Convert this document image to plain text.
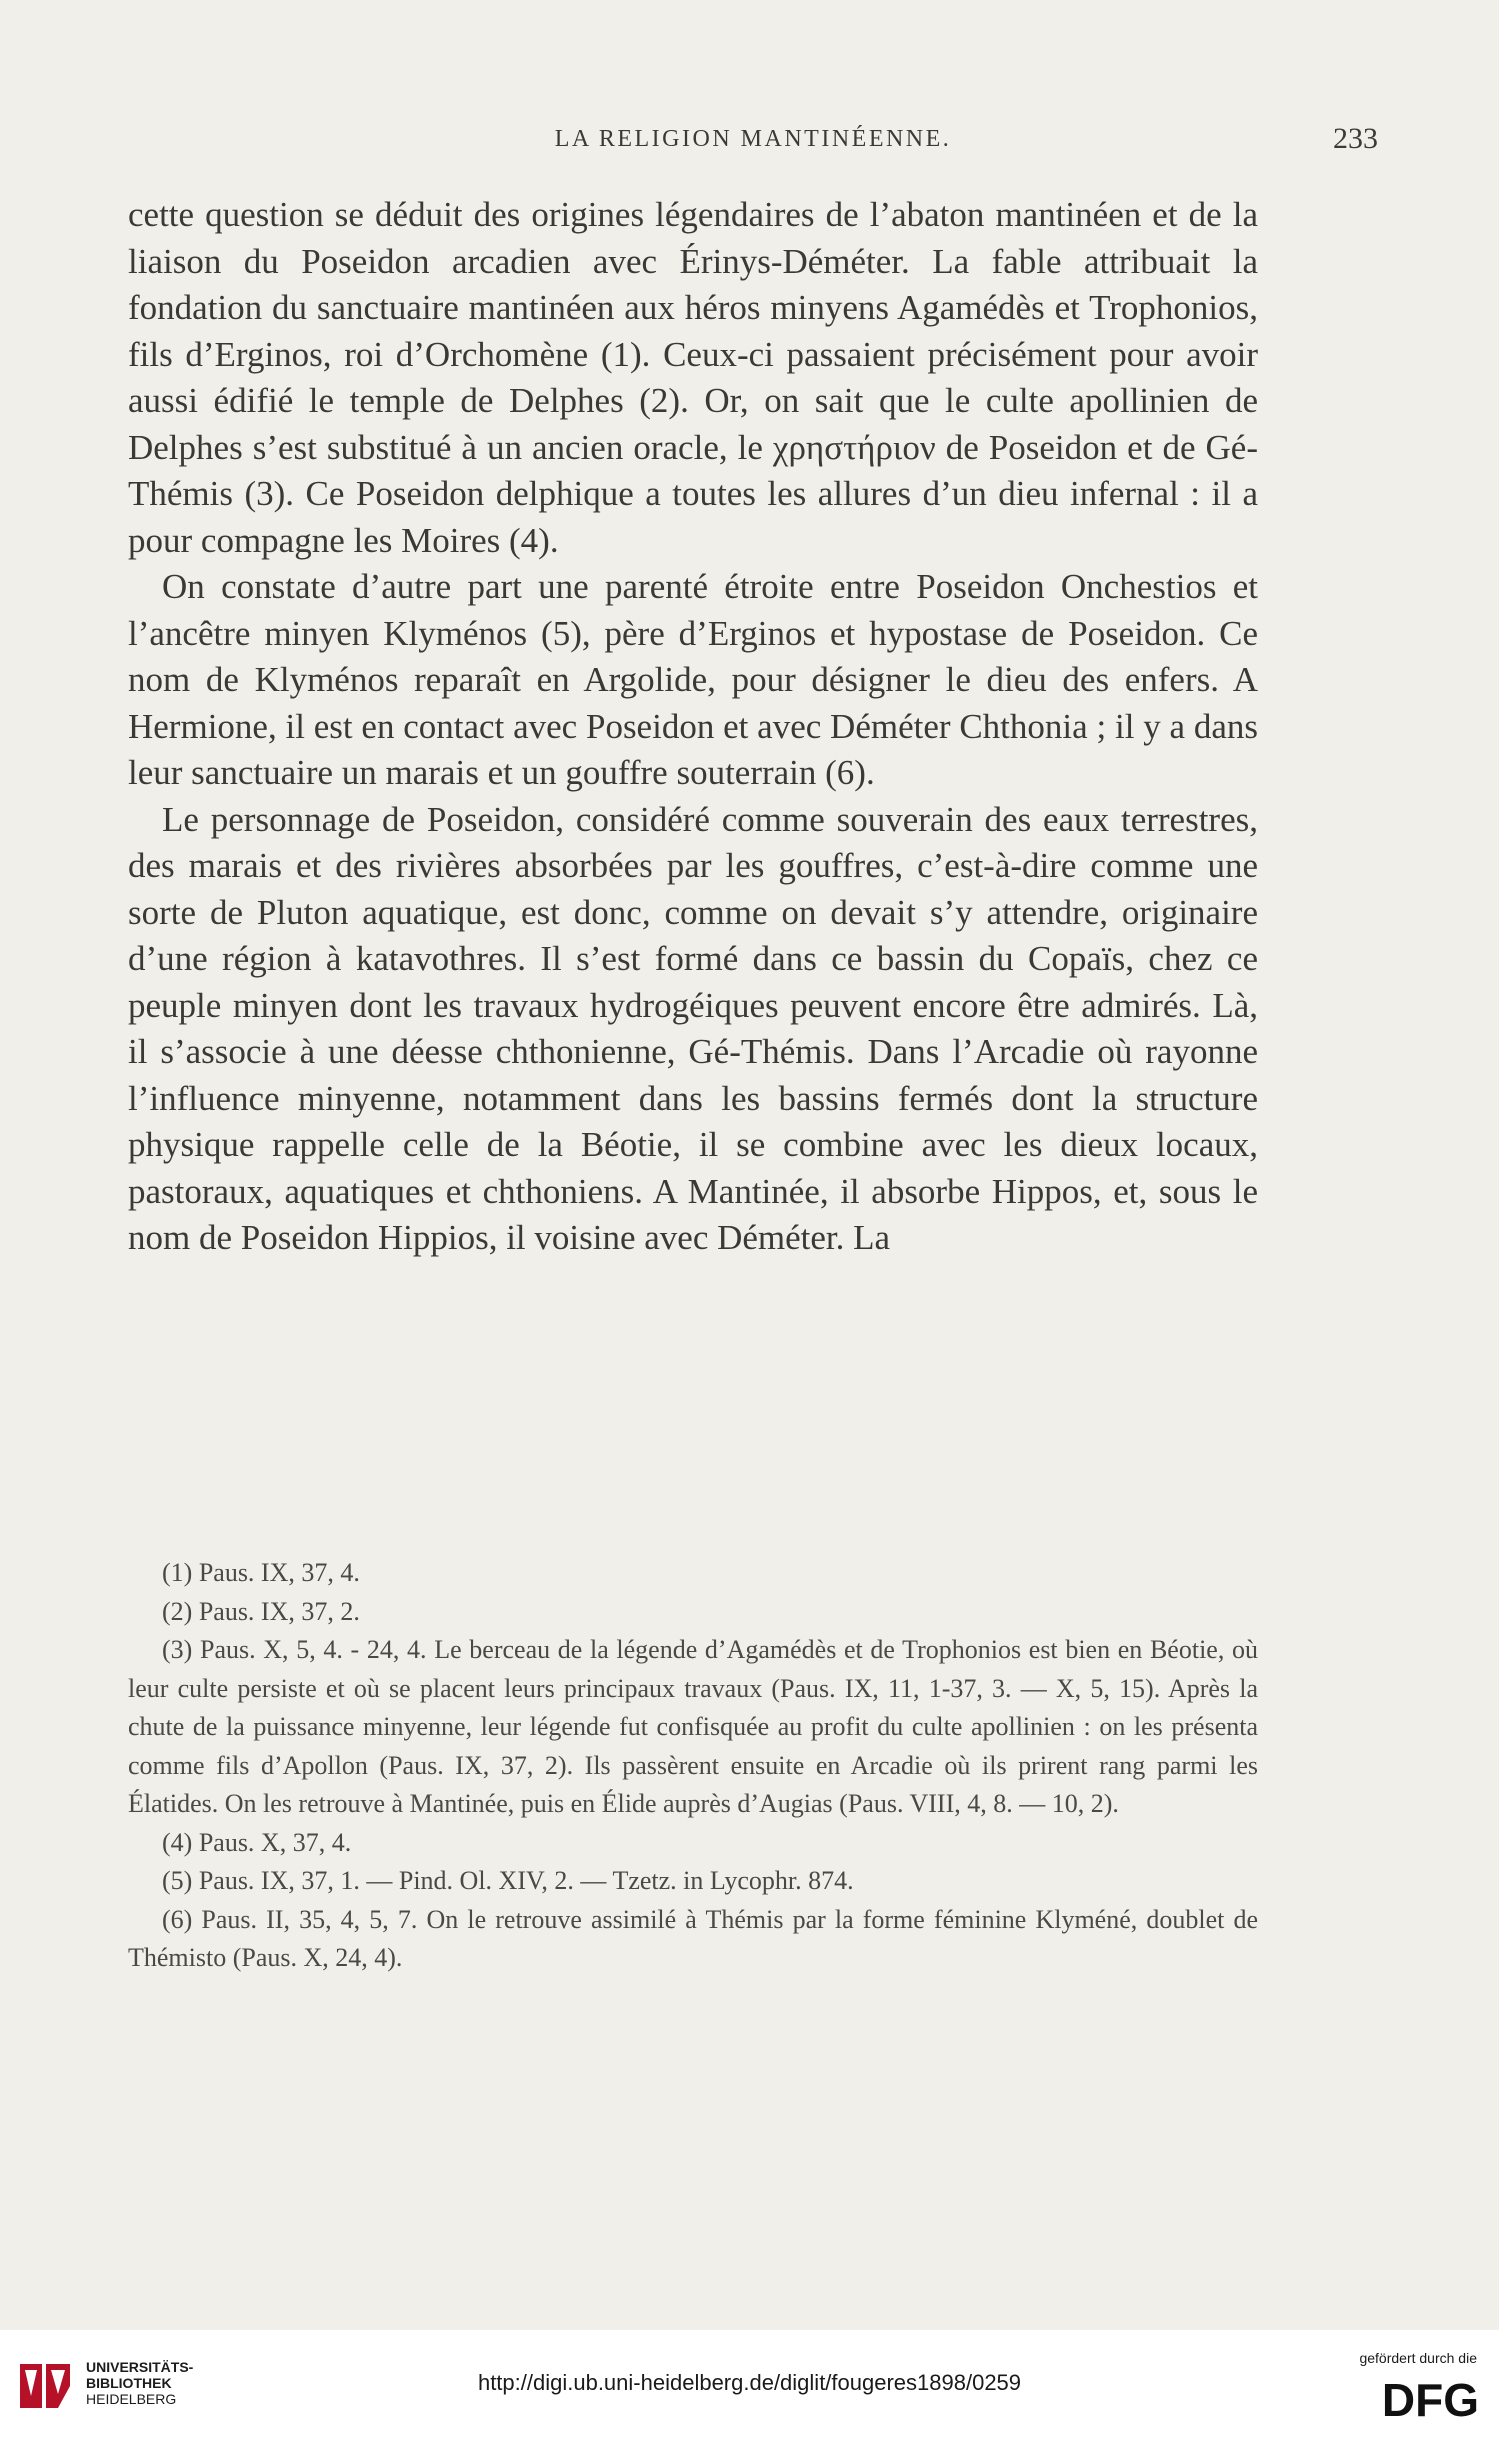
LA RELIGION MANTINÉENNE.	233

cette question se déduit des origines légendaires de l’abaton mantinéen et de la liaison du Poseidon arcadien avec Érinys-Déméter. La fable attribuait la fondation du sanctuaire mantinéen aux héros minyens Agamédès et Trophonios, fils d’Erginos, roi d’Orchomène (1). Ceux-ci passaient précisément pour avoir aussi édifié le temple de Delphes (2). Or, on sait que le culte apollinien de Delphes s’est substitué à un ancien oracle, le χρηστήριον de Poseidon et de Gé-Thémis (3). Ce Poseidon delphique a toutes les allures d’un dieu infernal : il a pour compagne les Moires (4).

On constate d’autre part une parenté étroite entre Poseidon Onchestios et l’ancêtre minyen Klyménos (5), père d’Erginos et hypostase de Poseidon. Ce nom de Klyménos reparaît en Argolide, pour désigner le dieu des enfers. A Hermione, il est en contact avec Poseidon et avec Déméter Chthonia ; il y a dans leur sanctuaire un marais et un gouffre souterrain (6).

Le personnage de Poseidon, considéré comme souverain des eaux terrestres, des marais et des rivières absorbées par les gouffres, c’est-à-dire comme une sorte de Pluton aquatique, est donc, comme on devait s’y attendre, originaire d’une région à katavothres. Il s’est formé dans ce bassin du Copaïs, chez ce peuple minyen dont les travaux hydrogéiques peuvent encore être admirés. Là, il s’associe à une déesse chthonienne, Gé-Thémis. Dans l’Arcadie où rayonne l’influence minyenne, notamment dans les bassins fermés dont la structure physique rappelle celle de la Béotie, il se combine avec les dieux locaux, pastoraux, aquatiques et chthoniens. A Mantinée, il absorbe Hippos, et, sous le nom de Poseidon Hippios, il voisine avec Déméter. La

(1) Paus. IX, 37, 4.

(2) Paus. IX, 37, 2.

(3) Paus. X, 5, 4. - 24, 4. Le berceau de la légende d’Agamédès et de Trophonios est bien en Béotie, où leur culte persiste et où se placent leurs principaux travaux (Paus. IX, 11, 1-37, 3. — X, 5, 15). Après la chute de la puissance minyenne, leur légende fut confisquée au profit du culte apollinien : on les présenta comme fils d’Apollon (Paus. IX, 37, 2). Ils passèrent ensuite en Arcadie où ils prirent rang parmi les Élatides. On les retrouve à Mantinée, puis en Élide auprès d’Augias (Paus. VIII, 4, 8. — 10, 2).

(4) Paus. X, 37, 4.

(5) Paus. IX, 37, 1. — Pind. Ol. XIV, 2. — Tzetz. in Lycophr. 874.

(6) Paus. II, 35, 4, 5, 7. On le retrouve assimilé à Thémis par la forme féminine Klyméné, doublet de Thémisto (Paus. X, 24, 4).

UNIVERSITÄTS-
BIBLIOTHEK
HEIDELBERG
http://digi.ub.uni-heidelberg.de/diglit/fougeres1898/0259
gefördert durch die
DFG
